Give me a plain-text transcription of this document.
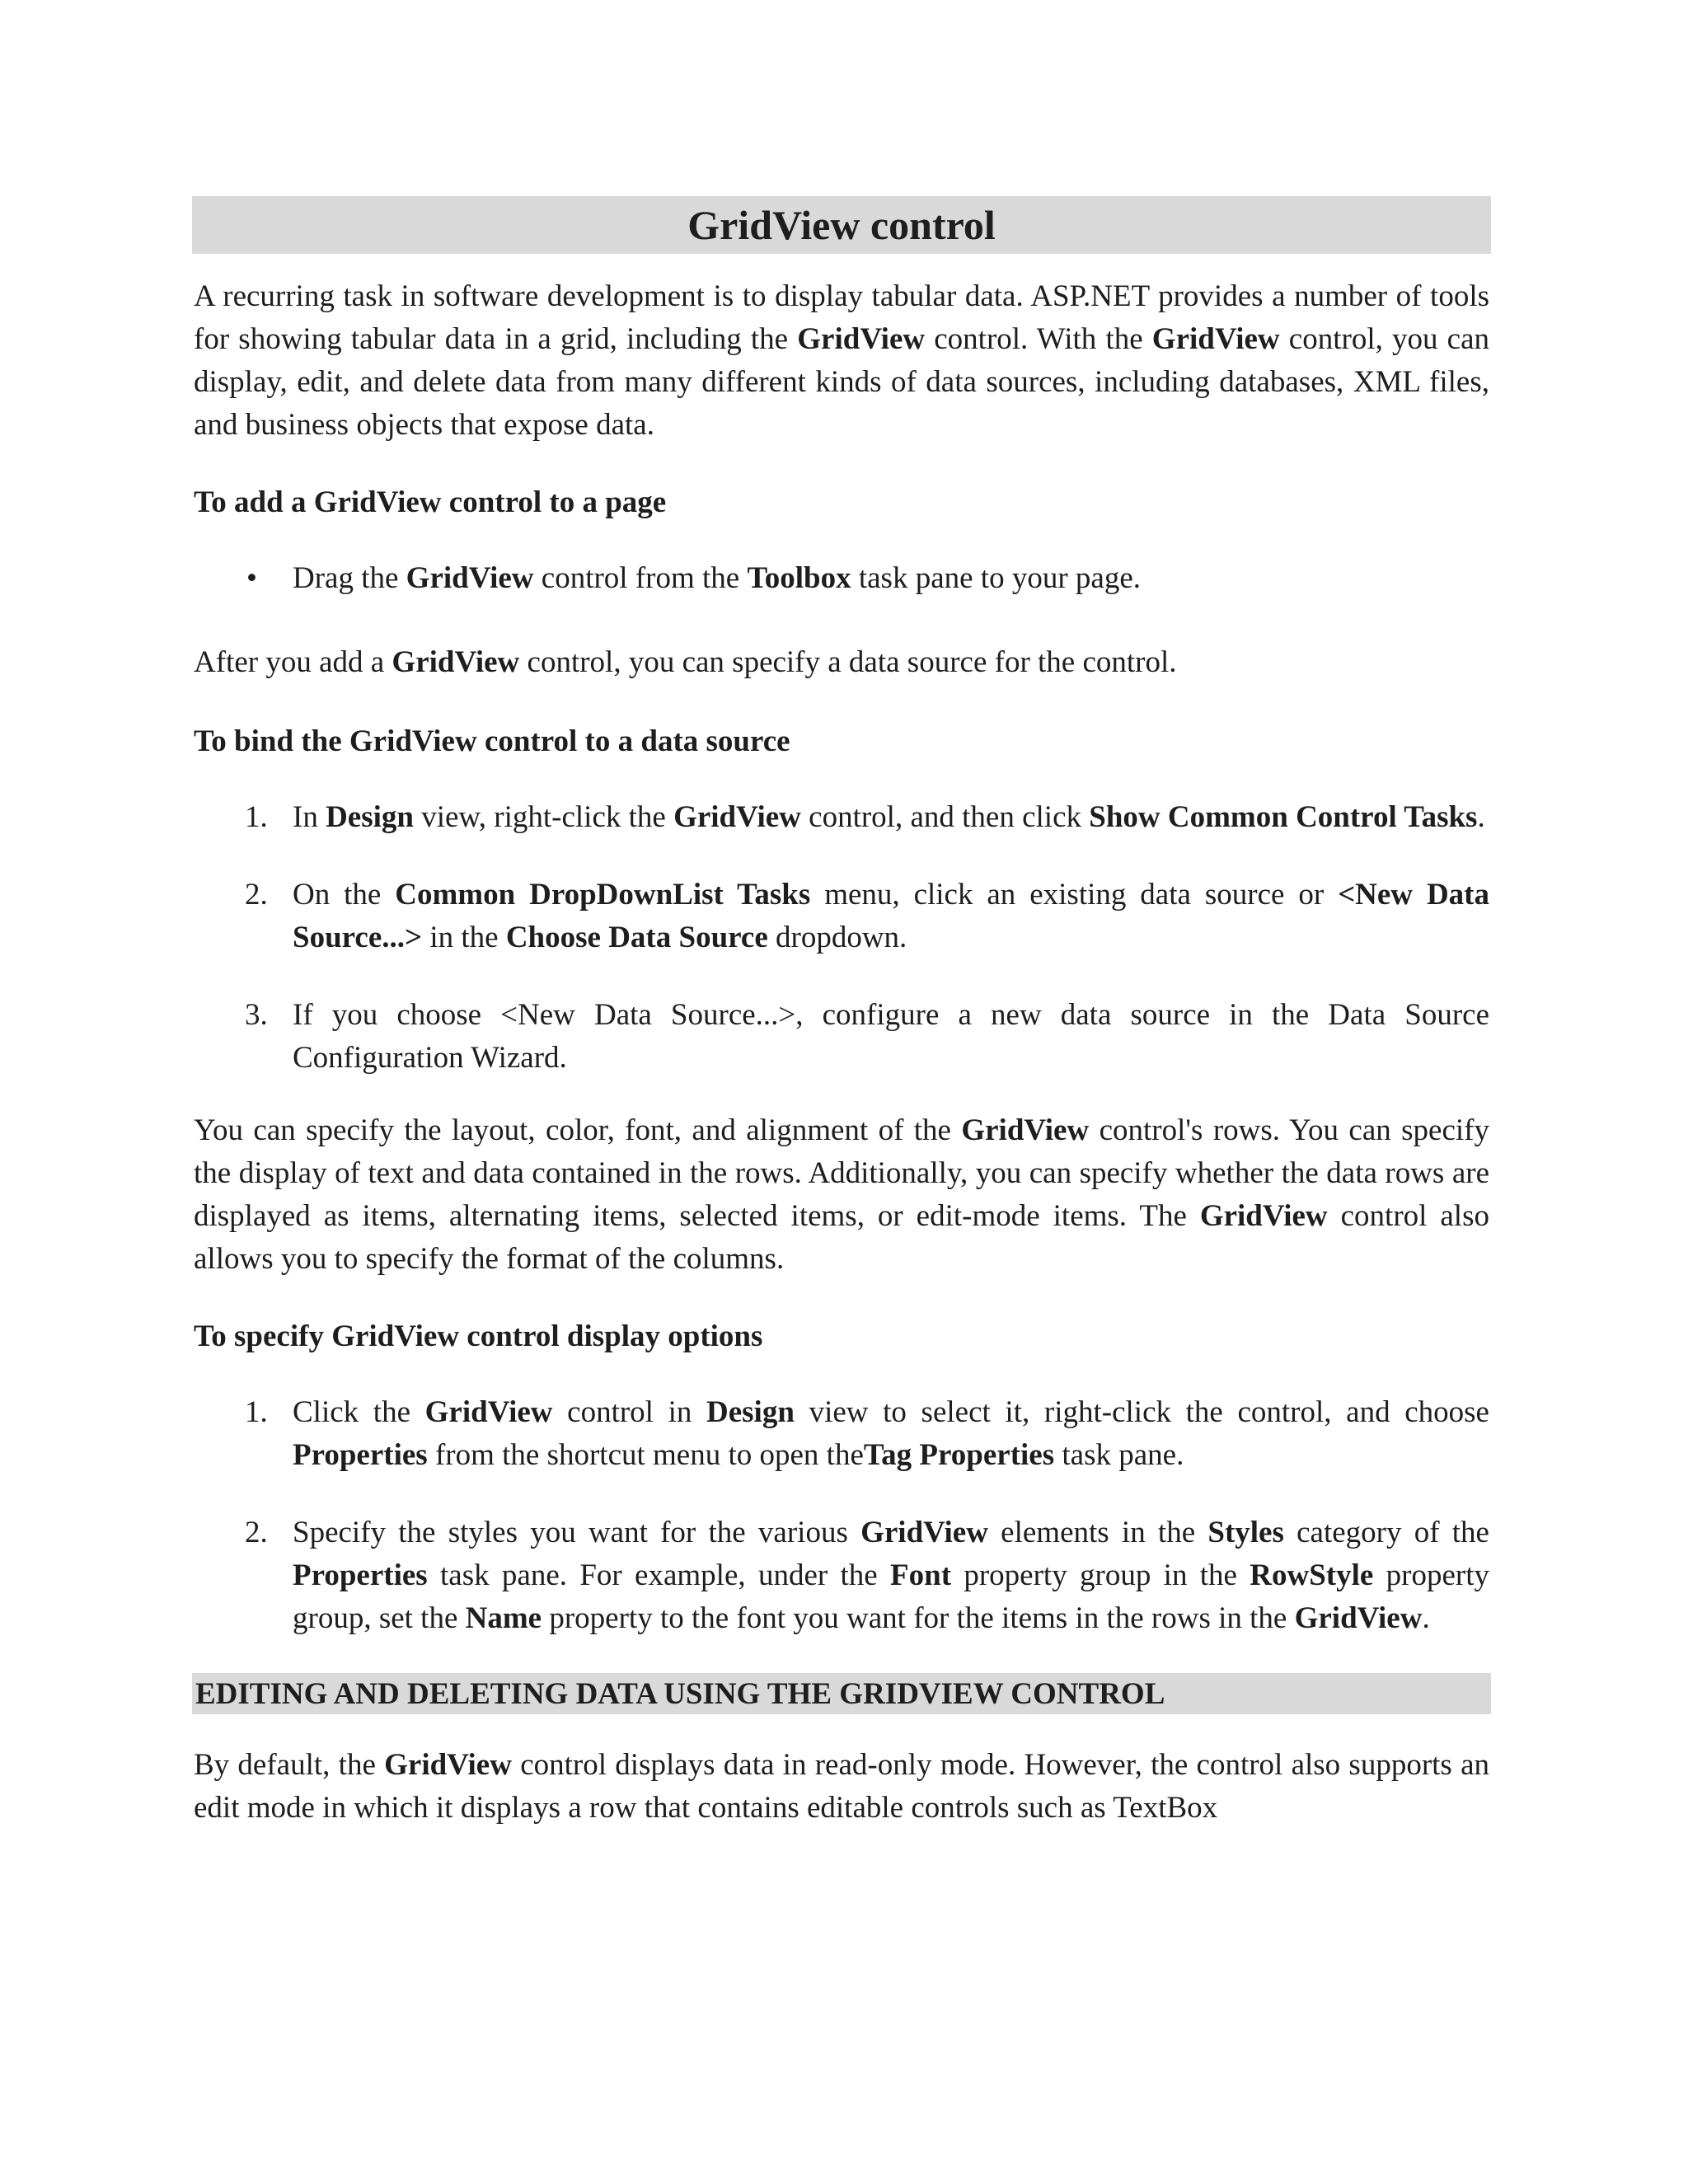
GridView control

A recurring task in software development is to display tabular data. ASP.NET provides a number of tools for showing tabular data in a grid, including the GridView control. With the GridView control, you can display, edit, and delete data from many different kinds of data sources, including databases, XML files, and business objects that expose data.

To add a GridView control to a page

• Drag the GridView control from the Toolbox task pane to your page.

After you add a GridView control, you can specify a data source for the control.

To bind the GridView control to a data source

1. In Design view, right-click the GridView control, and then click Show Common Control Tasks.
2. On the Common DropDownList Tasks menu, click an existing data source or <New Data Source...> in the Choose Data Source dropdown.
3. If you choose <New Data Source...>, configure a new data source in the Data Source Configuration Wizard.

You can specify the layout, color, font, and alignment of the GridView control's rows. You can specify the display of text and data contained in the rows. Additionally, you can specify whether the data rows are displayed as items, alternating items, selected items, or edit-mode items. The GridView control also allows you to specify the format of the columns.

To specify GridView control display options

1. Click the GridView control in Design view to select it, right-click the control, and choose Properties from the shortcut menu to open theTag Properties task pane.
2. Specify the styles you want for the various GridView elements in the Styles category of the Properties task pane. For example, under the Font property group in the RowStyle property group, set the Name property to the font you want for the items in the rows in the GridView.
EDITING AND DELETING DATA USING THE GRIDVIEW CONTROL

By default, the GridView control displays data in read-only mode. However, the control also supports an edit mode in which it displays a row that contains editable controls such as TextBox
